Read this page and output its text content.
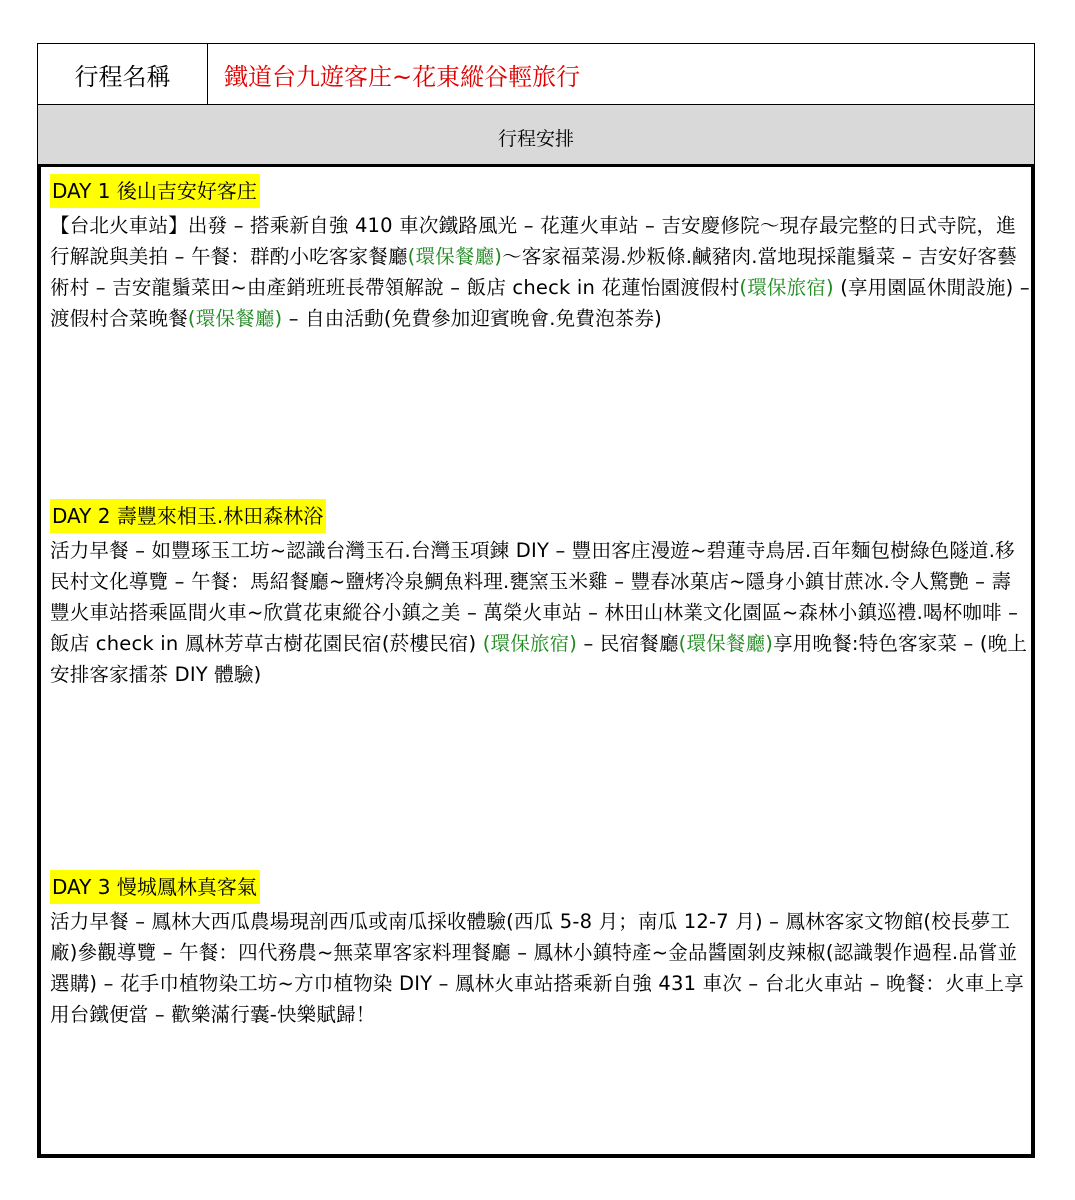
行程名稱	鐵道台九遊客庄~花東縱谷輕旅行
行程安排
DAY 1 後山吉安好客庄

【台北火車站】出發 – 搭乘新自強 410 車次鐵路風光 – 花蓮火車站 – 吉安慶修院～現存最完整的日式寺院，進行解說與美拍 – 午餐：群酌小吃客家餐廳(環保餐廳)～客家福菜湯.炒粄條.鹹豬肉.當地現採龍鬚菜 – 吉安好客藝術村 – 吉安龍鬚菜田~由產銷班班長帶領解說 – 飯店 check in 花蓮怡園渡假村(環保旅宿) (享用園區休閒設施) – 渡假村合菜晚餐(環保餐廳) – 自由活動(免費參加迎賓晚會.免費泡茶券)

DAY 2 壽豐來相玉.林田森林浴

活力早餐 – 如豐琢玉工坊~認識台灣玉石.台灣玉項鍊 DIY – 豐田客庄漫遊~碧蓮寺鳥居.百年麵包樹綠色隧道.移民村文化導覽 – 午餐：馬紹餐廳~鹽烤冷泉鯛魚料理.甕窯玉米雞 – 豐春冰菓店~隱身小鎮甘蔗冰.令人驚艷 – 壽豐火車站搭乘區間火車~欣賞花東縱谷小鎮之美 – 萬榮火車站 – 林田山林業文化園區~森林小鎮巡禮.喝杯咖啡 – 飯店 check in 鳳林芳草古樹花園民宿(菸樓民宿) (環保旅宿) – 民宿餐廳(環保餐廳)享用晚餐:特色客家菜 – (晚上安排客家擂茶 DIY 體驗)

DAY 3 慢城鳳林真客氣

活力早餐 – 鳳林大西瓜農場現剖西瓜或南瓜採收體驗(西瓜 5-8 月；南瓜 12-7 月) – 鳳林客家文物館(校長夢工廠)參觀導覽 – 午餐：四代務農~無菜單客家料理餐廳 – 鳳林小鎮特產~金品醬園剝皮辣椒(認識製作過程.品嘗並選購) – 花手巾植物染工坊~方巾植物染 DIY – 鳳林火車站搭乘新自強 431 車次 – 台北火車站 – 晚餐：火車上享用台鐵便當 – 歡樂滿行囊-快樂賦歸！
